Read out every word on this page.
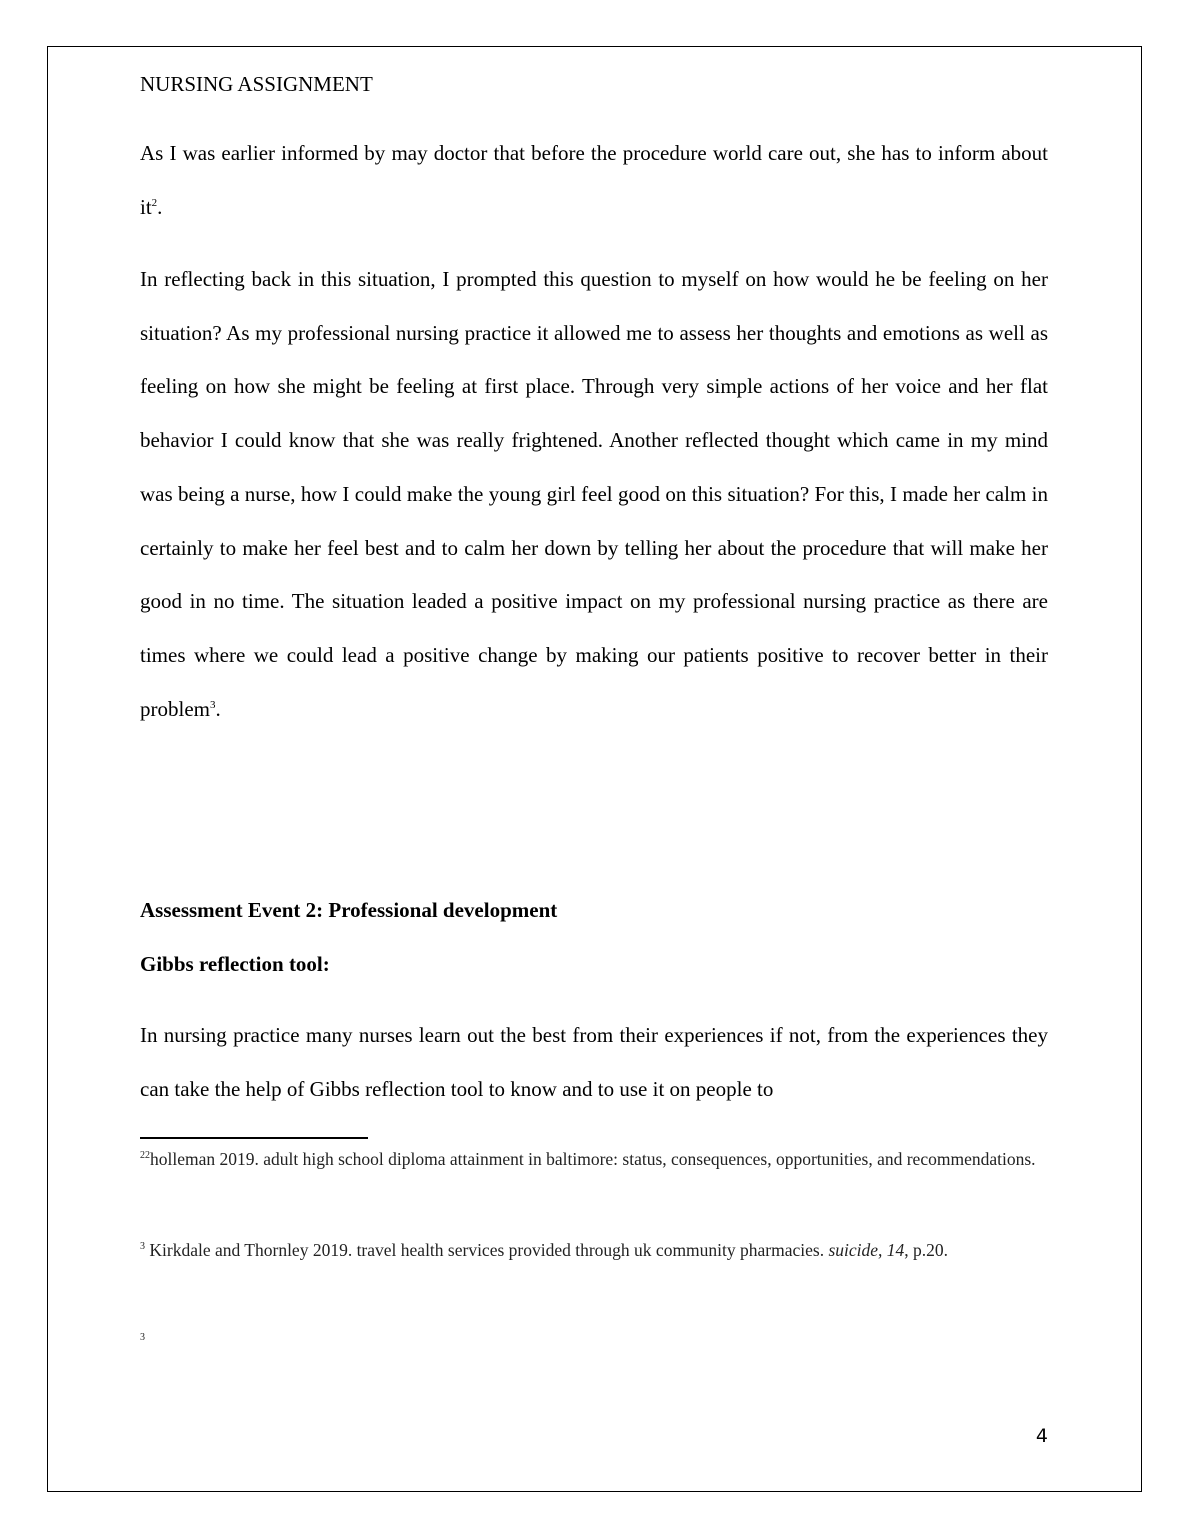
NURSING ASSIGNMENT

As I was earlier informed by may doctor that before the procedure world care out, she has to inform about $it^2$.

In reflecting back in this situation, I prompted this question to myself on how would he be feeling on her situation? As my professional nursing practice it allowed me to assess her thoughts and emotions as well as feeling on how she might be feeling at first place. Through very simple actions of her voice and her flat behavior I could know that she was really frightened. Another reflected thought which came in my mind was being a nurse, how I could make the young girl feel good on this situation? For this, I made her calm in certainly to make her feel best and to calm her down by telling her about the procedure that will make her good in no time. The situation leaded a positive impact on my professional nursing practice as there are times where we could lead a positive change by making our patients positive to recover better in their problem$^3$.

Assessment Event 2: Professional development
Gibbs reflection tool:

In nursing practice many nurses learn out the best from their experiences if not, from the experiences they can take the help of Gibbs reflection tool to know and to use it on people to

$^{22}$holleman 2019. adult high school diploma attainment in baltimore: status, consequences, opportunities, and recommendations.

$^3$ Kirkdale and Thornley 2019. travel health services provided through uk community pharmacies. suicide, 14, p.20.

3
4
